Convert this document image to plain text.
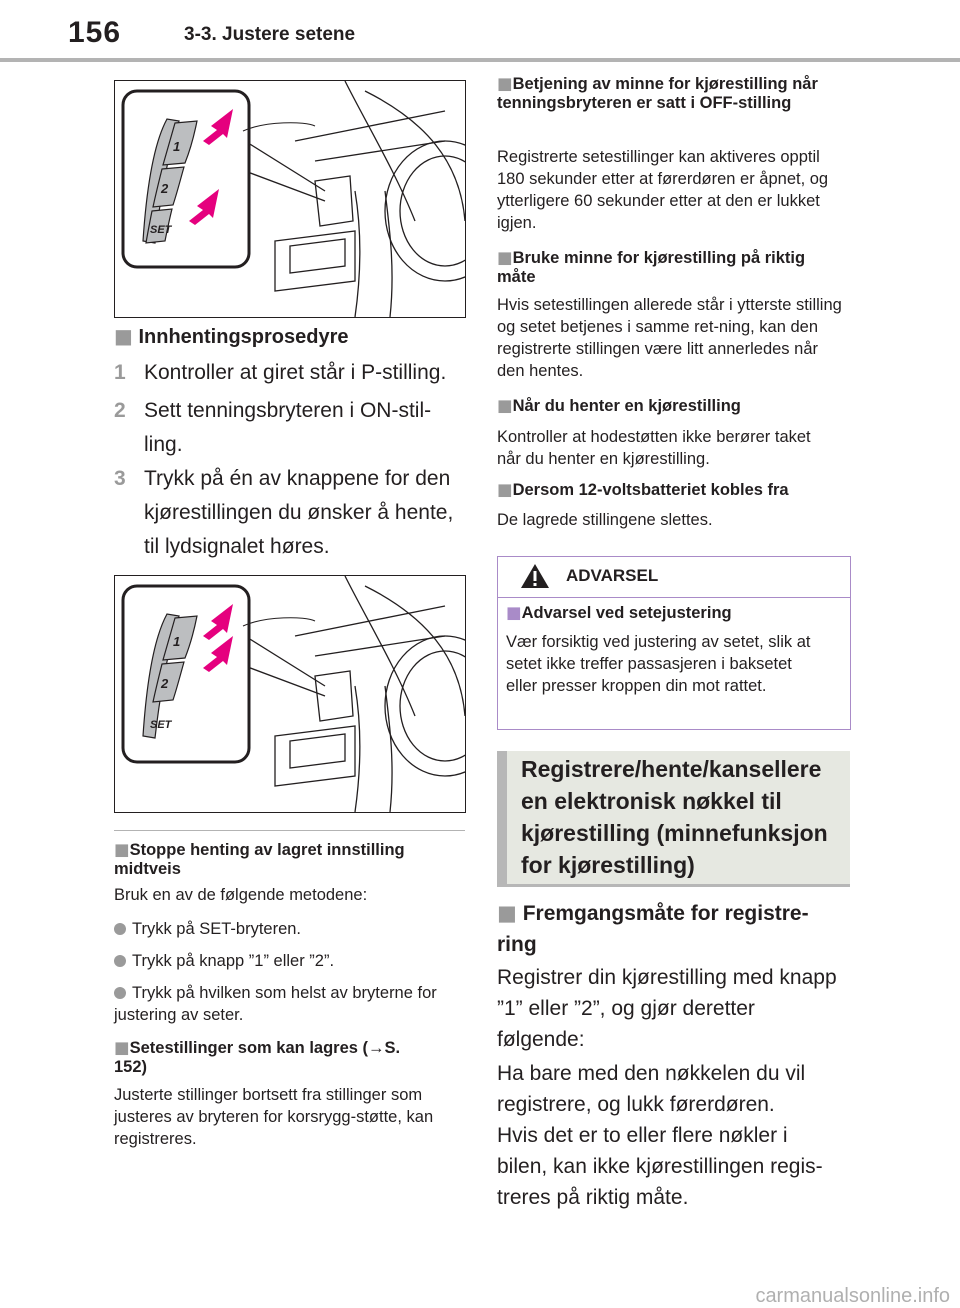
156	3-3. Justere setene
1
2
SET
■ Innhentingsprosedyre
1 Kontroller at giret står i P-stilling.
2 Sett tenningsbryteren i ON-stil-ling.
3 Trykk på én av knappene for den kjørestillingen du ønsker å hente, til lydsignalet høres.
1
2
SET
■Stoppe henting av lagret innstilling midtveis
Bruk en av de følgende metodene:
Trykk på SET-bryteren.
Trykk på knapp ”1” eller ”2”.
Trykk på hvilken som helst av bryterne for justering av seter.
■Setestillinger som kan lagres (→S. 152)
Justerte stillinger bortsett fra stillinger som justeres av bryteren for korsrygg-støtte, kan registreres.
■Betjening av minne for kjørestilling når tenningsbryteren er satt i OFF-stilling
Registrerte setestillinger kan aktiveres opptil 180 sekunder etter at førerdøren er åpnet, og ytterligere 60 sekunder etter at den er lukket igjen.
■Bruke minne for kjørestilling på riktig måte
Hvis setestillingen allerede står i ytterste stilling og setet betjenes i samme ret-ning, kan den registrerte stillingen være litt annerledes når den hentes.
■Når du henter en kjørestilling
Kontroller at hodestøtten ikke berører taket når du henter en kjørestilling.
■Dersom 12-voltsbatteriet kobles fra
De lagrede stillingene slettes.
ADVARSEL
■Advarsel ved setejustering
Vær forsiktig ved justering av setet, slik at setet ikke treffer passasjeren i baksetet eller presser kroppen din mot rattet.
Registrere/hente/kansellere en elektronisk nøkkel til kjørestilling (minnefunksjon for kjørestilling)
■ Fremgangsmåte for registre-ring
Registrer din kjørestilling med knapp ”1” eller ”2”, og gjør deretter følgende:
Ha bare med den nøkkelen du vil registrere, og lukk førerdøren.
Hvis det er to eller flere nøkler i bilen, kan ikke kjørestillingen regis-treres på riktig måte.
carmanualsonline.info
